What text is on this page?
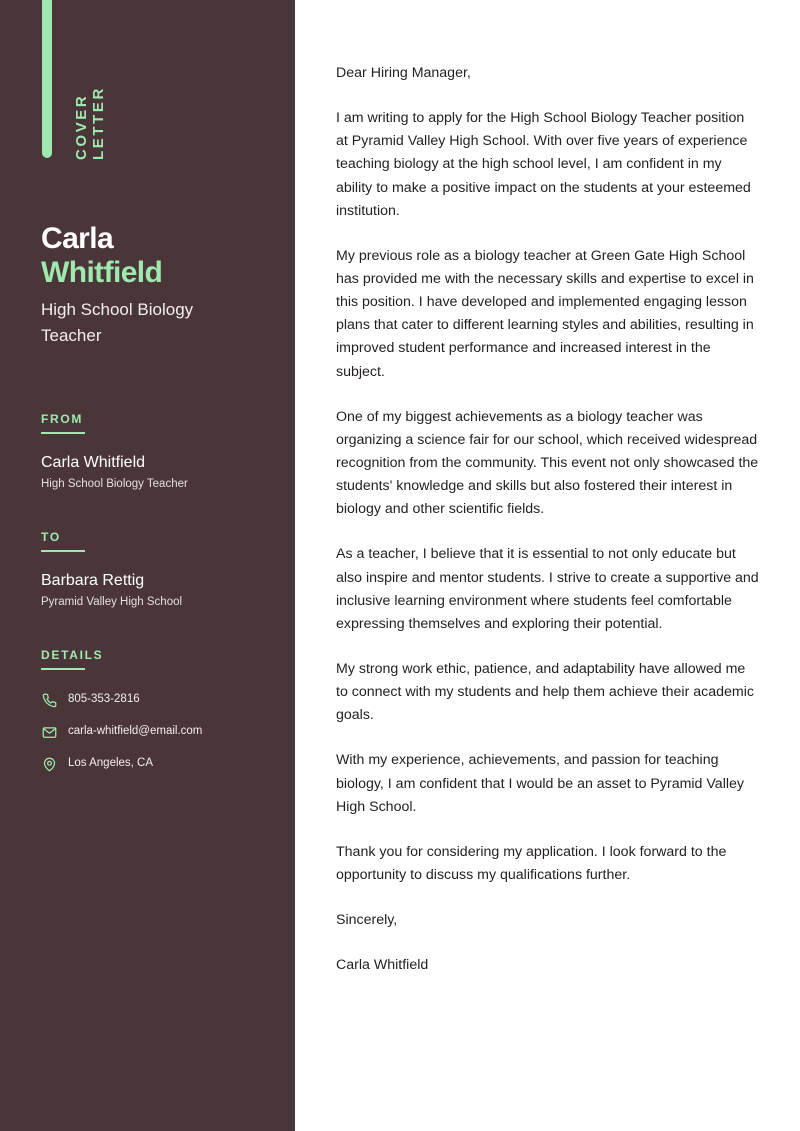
COVER LETTER
Carla
Whitfield
High School Biology Teacher
FROM
Carla Whitfield
High School Biology Teacher
TO
Barbara Rettig
Pyramid Valley High School
DETAILS
805-353-2816
carla-whitfield@email.com
Los Angeles, CA

Dear Hiring Manager,

I am writing to apply for the High School Biology Teacher position at Pyramid Valley High School. With over five years of experience teaching biology at the high school level, I am confident in my ability to make a positive impact on the students at your esteemed institution.

My previous role as a biology teacher at Green Gate High School has provided me with the necessary skills and expertise to excel in this position. I have developed and implemented engaging lesson plans that cater to different learning styles and abilities, resulting in improved student performance and increased interest in the subject.

One of my biggest achievements as a biology teacher was organizing a science fair for our school, which received widespread recognition from the community. This event not only showcased the students' knowledge and skills but also fostered their interest in biology and other scientific fields.

As a teacher, I believe that it is essential to not only educate but also inspire and mentor students. I strive to create a supportive and inclusive learning environment where students feel comfortable expressing themselves and exploring their potential.

My strong work ethic, patience, and adaptability have allowed me to connect with my students and help them achieve their academic goals.

With my experience, achievements, and passion for teaching biology, I am confident that I would be an asset to Pyramid Valley High School.

Thank you for considering my application. I look forward to the opportunity to discuss my qualifications further.

Sincerely,

Carla Whitfield
